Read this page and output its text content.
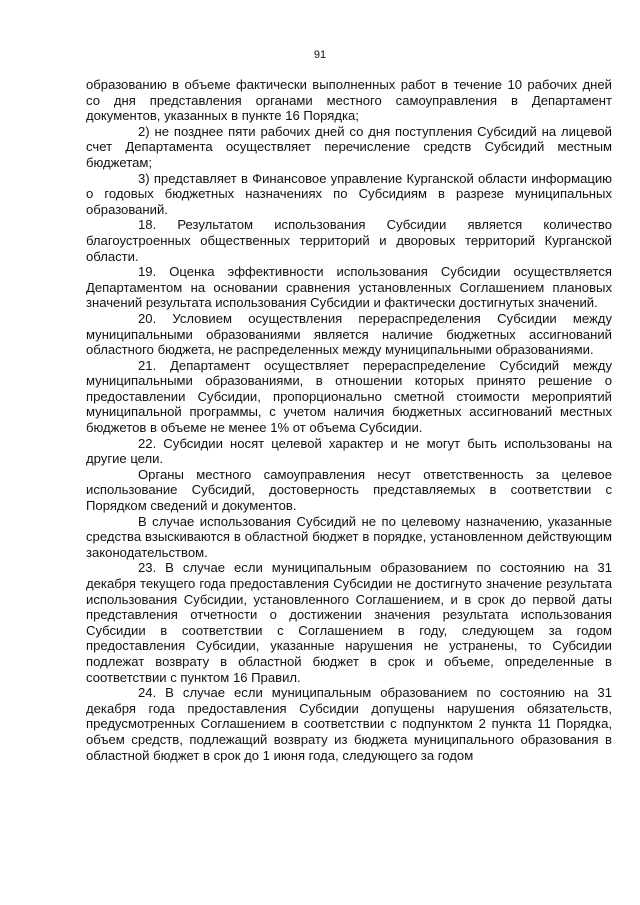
91

образованию в объеме фактически выполненных работ в течение 10 рабочих дней со дня представления органами местного самоуправления в Департамент документов, указанных в пункте 16 Порядка;

2) не позднее пяти рабочих дней со дня поступления Субсидий на лицевой счет Департамента осуществляет перечисление средств Субсидий местным бюджетам;

3) представляет в Финансовое управление Курганской области информацию о годовых бюджетных назначениях по Субсидиям в разрезе муниципальных образований.

18. Результатом использования Субсидии является количество благоустроенных общественных территорий и дворовых территорий Курганской области.

19. Оценка эффективности использования Субсидии осуществляется Департаментом на основании сравнения установленных Соглашением плановых значений результата использования Субсидии и фактически достигнутых значений.

20. Условием осуществления перераспределения Субсидии между муниципальными образованиями является наличие бюджетных ассигнований областного бюджета, не распределенных между муниципальными образованиями.

21. Департамент осуществляет перераспределение Субсидий между муниципальными образованиями, в отношении которых принято решение о предоставлении Субсидии, пропорционально сметной стоимости мероприятий муниципальной программы, с учетом наличия бюджетных ассигнований местных бюджетов в объеме не менее 1% от объема Субсидии.

22. Субсидии носят целевой характер и не могут быть использованы на другие цели.

Органы местного самоуправления несут ответственность за целевое использование Субсидий, достоверность представляемых в соответствии с Порядком сведений и документов.

В случае использования Субсидий не по целевому назначению, указанные средства взыскиваются в областной бюджет в порядке, установленном действующим законодательством.

23. В случае если муниципальным образованием по состоянию на 31 декабря текущего года предоставления Субсидии не достигнуто значение результата использования Субсидии, установленного Соглашением, и в срок до первой даты представления отчетности о достижении значения результата использования Субсидии в соответствии с Соглашением в году, следующем за годом предоставления Субсидии, указанные нарушения не устранены, то Субсидии подлежат возврату в областной бюджет в срок и объеме, определенные в соответствии с пунктом 16 Правил.

24. В случае если муниципальным образованием по состоянию на 31 декабря года предоставления Субсидии допущены нарушения обязательств, предусмотренных Соглашением в соответствии с подпунктом 2 пункта 11 Порядка, объем средств, подлежащий возврату из бюджета муниципального образования в областной бюджет в срок до 1 июня года, следующего за годом
